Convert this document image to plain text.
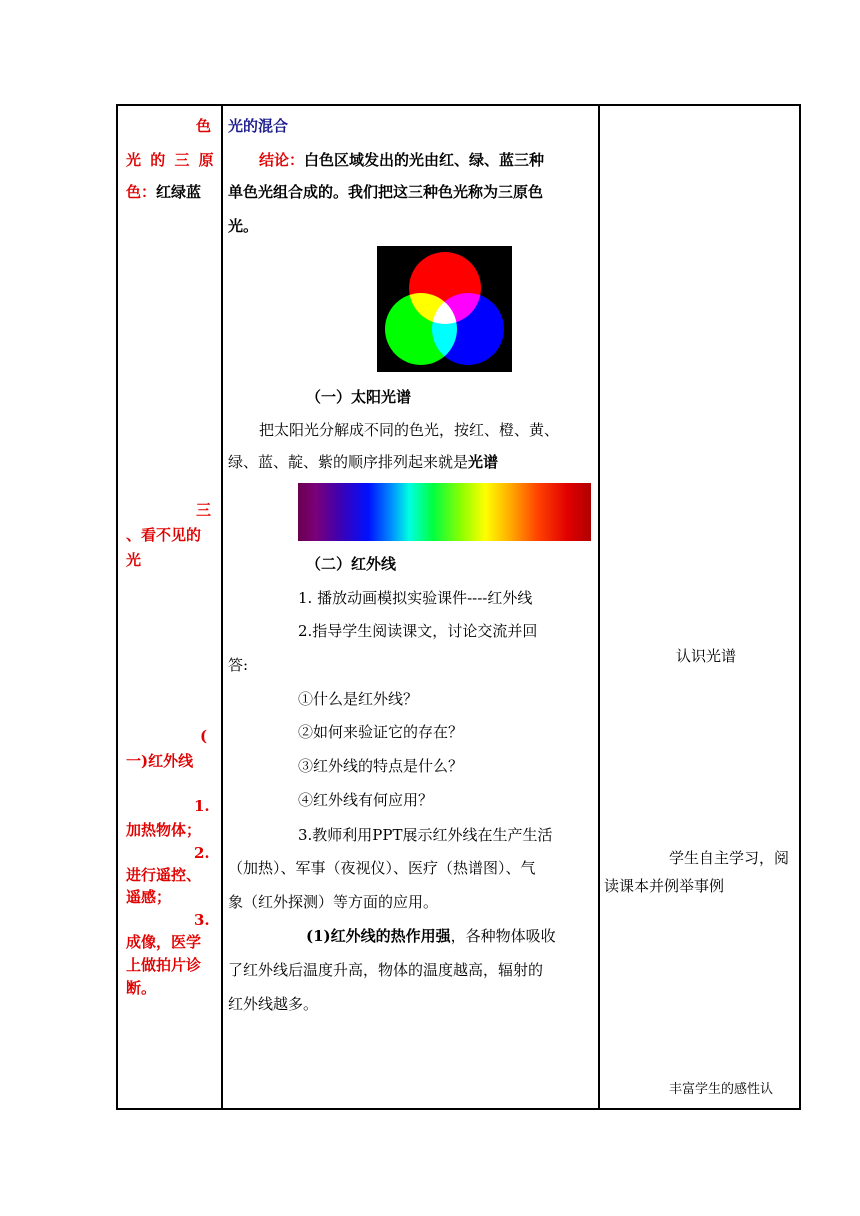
色
光 的 三 原
色：红绿蓝
三
、看不见的
光
(
一)红外线
1.
加热物体；
2.
进行遥控、
遥感；
3.
成像，医学
上做拍片诊
断。
光的混合
结论：白色区域发出的光由红、绿、蓝三种
单色光组合成的。我们把这三种色光称为三原色
光。
（一）太阳光谱
把太阳光分解成不同的色光，按红、橙、黄、
绿、蓝、靛、紫的顺序排列起来就是光谱
（二）红外线
1. 播放动画模拟实验课件----红外线
2.指导学生阅读课文，讨论交流并回
答:
①什么是红外线？
②如何来验证它的存在？
③红外线的特点是什么？
④红外线有何应用？
3.教师利用PPT展示红外线在生产生活
（加热）、军事（夜视仪）、医疗（热谱图）、气
象（红外探测）等方面的应用。
(1)红外线的热作用强，各种物体吸收
了红外线后温度升高，物体的温度越高，辐射的
红外线越多。
认识光谱
学生自主学习，阅
读课本并例举事例
丰富学生的感性认
